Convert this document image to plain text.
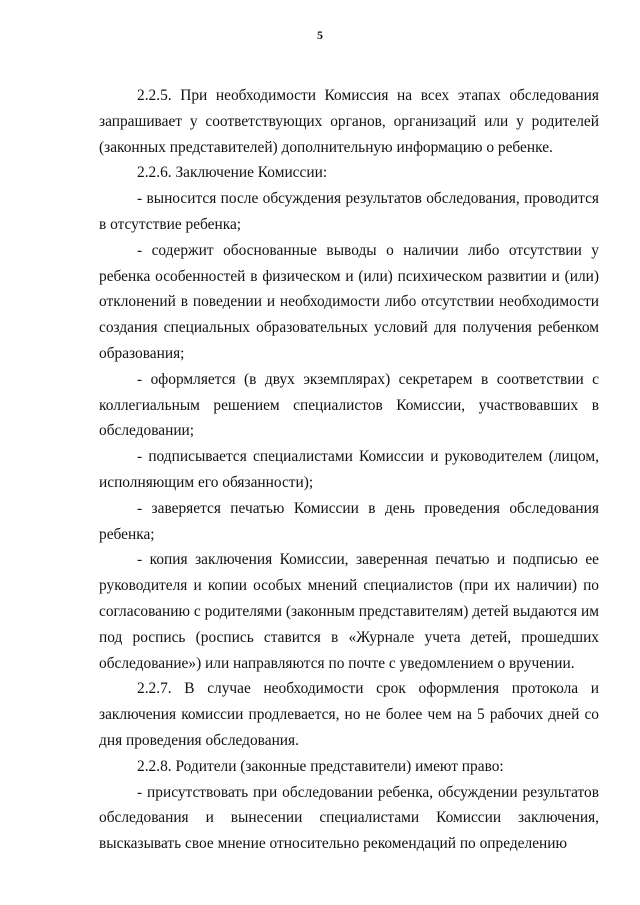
5

2.2.5. При необходимости Комиссия на всех этапах обследования запрашивает у соответствующих органов, организаций или у родителей (законных представителей) дополнительную информацию о ребенке.

2.2.6. Заключение Комиссии:

- выносится после обсуждения результатов обследования, проводится в отсутствие ребенка;

- содержит обоснованные выводы о наличии либо отсутствии у ребенка особенностей в физическом и (или) психическом развитии и (или) отклонений в поведении и необходимости либо отсутствии необходимости создания специальных образовательных условий для получения ребенком образования;

- оформляется (в двух экземплярах) секретарем в соответствии с коллегиальным решением специалистов Комиссии, участвовавших в обследовании;

- подписывается специалистами Комиссии и руководителем (лицом, исполняющим его обязанности);

- заверяется печатью Комиссии в день проведения обследования ребенка;

- копия заключения Комиссии, заверенная печатью и подписью ее руководителя и копии особых мнений специалистов (при их наличии) по согласованию с родителями (законным представителям) детей выдаются им под роспись (роспись ставится в «Журнале учета детей, прошедших обследование») или направляются по почте с уведомлением о вручении.

2.2.7. В случае необходимости срок оформления протокола и заключения комиссии продлевается, но не более чем на 5 рабочих дней со дня проведения обследования.

2.2.8. Родители (законные представители) имеют право:

- присутствовать при обследовании ребенка, обсуждении результатов обследования и вынесении специалистами Комиссии заключения, высказывать свое мнение относительно рекомендаций по определению
